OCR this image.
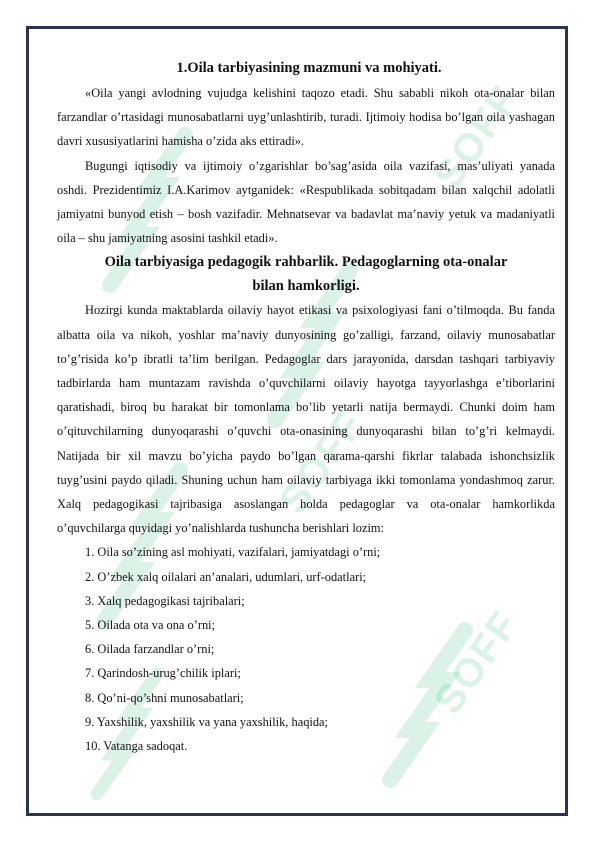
SOFF
SOFF
SOFF
1.Oila tarbiyasining mazmuni va mohiyati.

«Oila yangi avlodning vujudga kelishini taqozo etadi. Shu sababli nikoh ota-onalar bilan farzandlar o’rtasidagi munosabatlarni uyg’unlashtirib, turadi. Ijtimoiy hodisa bo’lgan oila yashagan davri xususiyatlarini hamisha o’zida aks ettiradi».

Bugungi iqtisodiy va ijtimoiy o’zgarishlar bo’sag’asida oila vazifasi, mas’uliyati yanada oshdi. Prezidentimiz I.A.Karimov aytganidek: «Respublikada sobitqadam bilan xalqchil adolatli jamiyatni bunyod etish – bosh vazifadir. Mehnatsevar va badavlat ma’naviy yetuk va madaniyatli oila – shu jamiyatning asosini tashkil etadi».

Oila tarbiyasiga pedagogik rahbarlik. Pedagoglarning ota-onalar
bilan hamkorligi.

Hozirgi kunda maktablarda oilaviy hayot etikasi va psixologiyasi fani o’tilmoqda. Bu fanda albatta oila va nikoh, yoshlar ma’naviy dunyosining go’zalligi, farzand, oilaviy munosabatlar to’g’risida ko’p ibratli ta’lim berilgan. Pedagoglar dars jarayonida, darsdan tashqari tarbiyaviy tadbirlarda ham muntazam ravishda o’quvchilarni oilaviy hayotga tayyorlashga e’tiborlarini qaratishadi, biroq bu harakat bir tomonlama bo’lib yetarli natija bermaydi. Chunki doim ham o’qituvchilarning dunyoqarashi o’quvchi ota-onasining dunyoqarashi bilan to’g’ri kelmaydi. Natijada bir xil mavzu bo’yicha paydo bo’lgan qarama-qarshi fikrlar talabada ishonchsizlik tuyg’usini paydo qiladi. Shuning uchun ham oilaviy tarbiyaga ikki tomonlama yondashmoq zarur. Xalq pedagogikasi tajribasiga asoslangan holda pedagoglar va ota-onalar hamkorlikda o’quvchilarga quyidagi yo’nalishlarda tushuncha berishlari lozim:

1. Oila so’zining asl mohiyati, vazifalari, jamiyatdagi o’rni;
2. O’zbek xalq oilalari an’analari, udumlari, urf-odatlari;
3. Xalq pedagogikasi tajribalari;
5. Oilada ota va ona o’rni;
6. Oilada farzandlar o’rni;
7. Qarindosh-urug’chilik iplari;
8. Qo’ni-qo’shni munosabatlari;
9. Yaxshilik, yaxshilik va yana yaxshilik, haqida;
10. Vatanga sadoqat.
